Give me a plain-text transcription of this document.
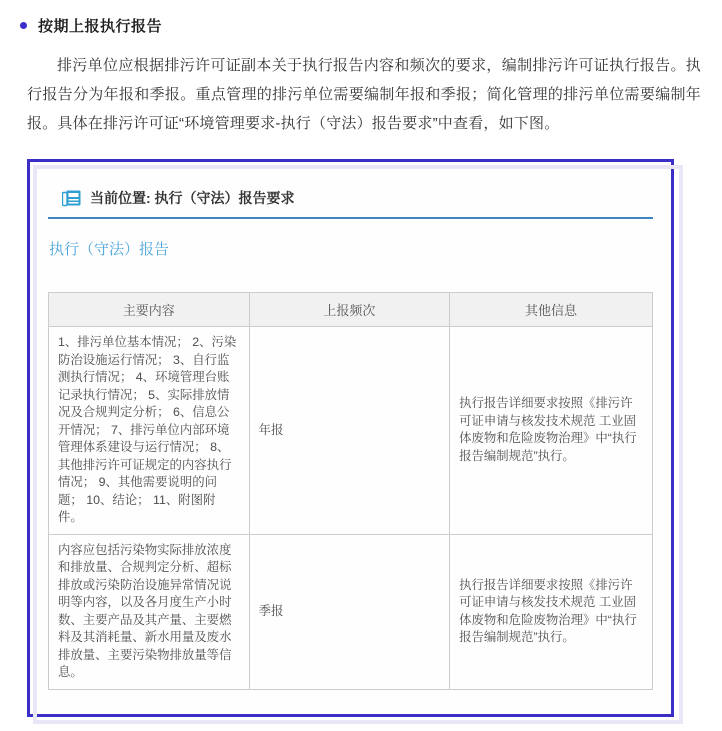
按期上报执行报告

排污单位应根据排污许可证副本关于执行报告内容和频次的要求，编制排污许可证执行报告。执行报告分为年报和季报。重点管理的排污单位需要编制年报和季报；简化管理的排污单位需要编制年报。具体在排污许可证“环境管理要求-执行（守法）报告要求”中查看，如下图。

当前位置: 执行（守法）报告要求
执行（守法）报告
主要内容	上报频次	其他信息
1、排污单位基本情况； 2、污染防治设施运行情况； 3、自行监测执行情况； 4、环境管理台账记录执行情况； 5、实际排放情况及合规判定分析； 6、信息公开情况； 7、排污单位内部环境管理体系建设与运行情况； 8、其他排污许可证规定的内容执行情况； 9、其他需要说明的问题； 10、结论； 11、附图附件。	年报	执行报告详细要求按照《排污许可证申请与核发技术规范 工业固体废物和危险废物治理》中“执行报告编制规范”执行。
内容应包括污染物实际排放浓度和排放量、合规判定分析、超标排放或污染防治设施异常情况说明等内容，以及各月度生产小时数、主要产品及其产量、主要燃料及其消耗量、新水用量及废水排放量、主要污染物排放量等信息。	季报	执行报告详细要求按照《排污许可证申请与核发技术规范 工业固体废物和危险废物治理》中“执行报告编制规范”执行。
